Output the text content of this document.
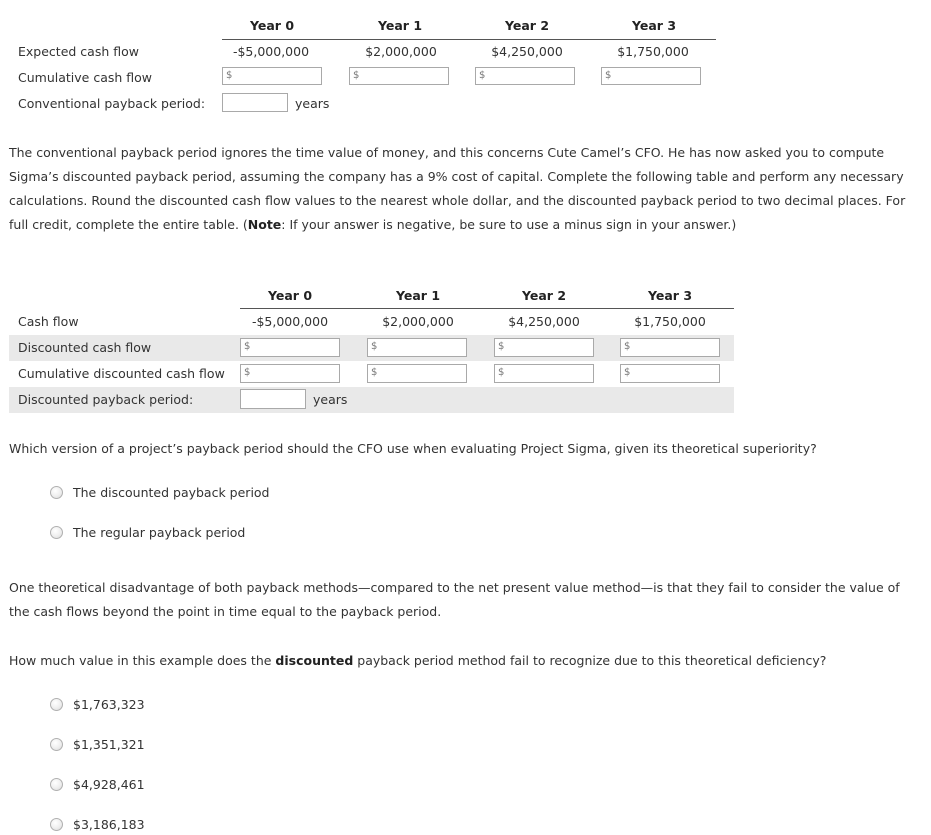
Year 0	Year 1	Year 2	Year 3
Expected cash flow	-$5,000,000	$2,000,000	$4,250,000	$1,750,000
Cumulative cash flow	$	$	$	$
Conventional payback period:	years
The conventional payback period ignores the time value of money, and this concerns Cute Camel’s CFO. He has now asked you to compute Sigma’s discounted payback period, assuming the company has a 9% cost of capital. Complete the following table and perform any necessary calculations. Round the discounted cash flow values to the nearest whole dollar, and the discounted payback period to two decimal places. For full credit, complete the entire table. (Note: If your answer is negative, be sure to use a minus sign in your answer.)
Year 0	Year 1	Year 2	Year 3
Cash flow	-$5,000,000	$2,000,000	$4,250,000	$1,750,000
Discounted cash flow	$	$	$	$
Cumulative discounted cash flow $	$	$	$
Discounted payback period:	years
Which version of a project’s payback period should the CFO use when evaluating Project Sigma, given its theoretical superiority?
The discounted payback period
The regular payback period
One theoretical disadvantage of both payback methods—compared to the net present value method—is that they fail to consider the value of the cash flows beyond the point in time equal to the payback period.
How much value in this example does the discounted payback period method fail to recognize due to this theoretical deficiency?
$1,763,323
$1,351,321
$4,928,461
$3,186,183
